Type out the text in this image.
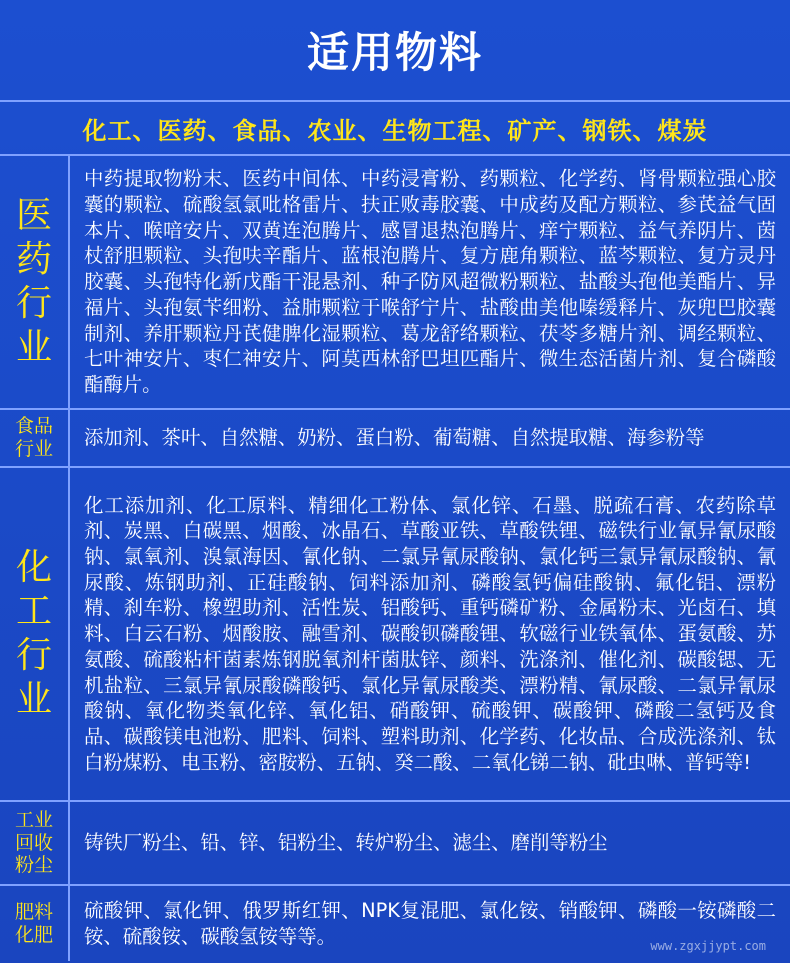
适用物料
化工、医药、食品、农业、生物工程、矿产、钢铁、煤炭
医药行业
中药提取物粉末、医药中间体、中药浸膏粉、药颗粒、化学药、肾骨颗粒强心胶囊的颗粒、硫酸氢氯吡格雷片、扶正败毒胶囊、中成药及配方颗粒、参芪益气固本片、喉喑安片、双黄连泡腾片、感冒退热泡腾片、痒宁颗粒、益气养阴片、茵杖舒胆颗粒、头孢呋辛酯片、蓝根泡腾片、复方鹿角颗粒、蓝芩颗粒、复方灵丹胶囊、头孢特化新戊酯干混悬剂、种子防风超微粉颗粒、盐酸头孢他美酯片、异福片、头孢氨苄细粉、益肺颗粒于喉舒宁片、盐酸曲美他嗪缓释片、灰兜巴胶囊制剂、养肝颗粒丹芪健脾化湿颗粒、葛龙舒络颗粒、茯苓多糖片剂、调经颗粒、七叶神安片、枣仁神安片、阿莫西林舒巴坦匹酯片、微生态活菌片剂、复合磷酸酯酶片。
食品行业 添加剂、茶叶、自然糖、奶粉、蛋白粉、葡萄糖、自然提取糖、海参粉等
化工行业
化工添加剂、化工原料、精细化工粉体、氯化锌、石墨、脱疏石膏、农药除草剂、炭黑、白碳黑、烟酸、冰晶石、草酸亚铁、草酸铁锂、磁铁行业氰异氰尿酸钠、氯氧剂、溴氯海因、氰化钠、二氯异氰尿酸钠、氯化钙三氯异氰尿酸钠、氰尿酸、炼钢助剂、正硅酸钠、饲料添加剂、磷酸氢钙偏硅酸钠、氟化铝、漂粉精、刹车粉、橡塑助剂、活性炭、铝酸钙、重钙磷矿粉、金属粉末、光卤石、填料、白云石粉、烟酸胺、融雪剂、碳酸钡磷酸锂、软磁行业铁氧体、蛋氨酸、苏氨酸、硫酸粘杆菌素炼钢脱氧剂杆菌肽锌、颜料、洗涤剂、催化剂、碳酸锶、无机盐粒、三氯异氰尿酸磷酸钙、氯化异氰尿酸类、漂粉精、氰尿酸、二氯异氰尿酸钠、氧化物类氧化锌、氧化铝、硝酸钾、硫酸钾、碳酸钾、磷酸二氢钙及食品、碳酸镁电池粉、肥料、饲料、塑料助剂、化学药、化妆品、合成洗涤剂、钛白粉煤粉、电玉粉、密胺粉、五钠、癸二酸、二氧化锑二钠、砒虫啉、普钙等!
工业回收粉尘
铸铁厂粉尘、铅、锌、铝粉尘、转炉粉尘、滤尘、磨削等粉尘
肥料化肥
硫酸钾、氯化钾、俄罗斯红钾、NPK复混肥、氯化铵、销酸钾、磷酸一铵磷酸二铵、硫酸铵、碳酸氢铵等等。	www.zgxjjypt.com
